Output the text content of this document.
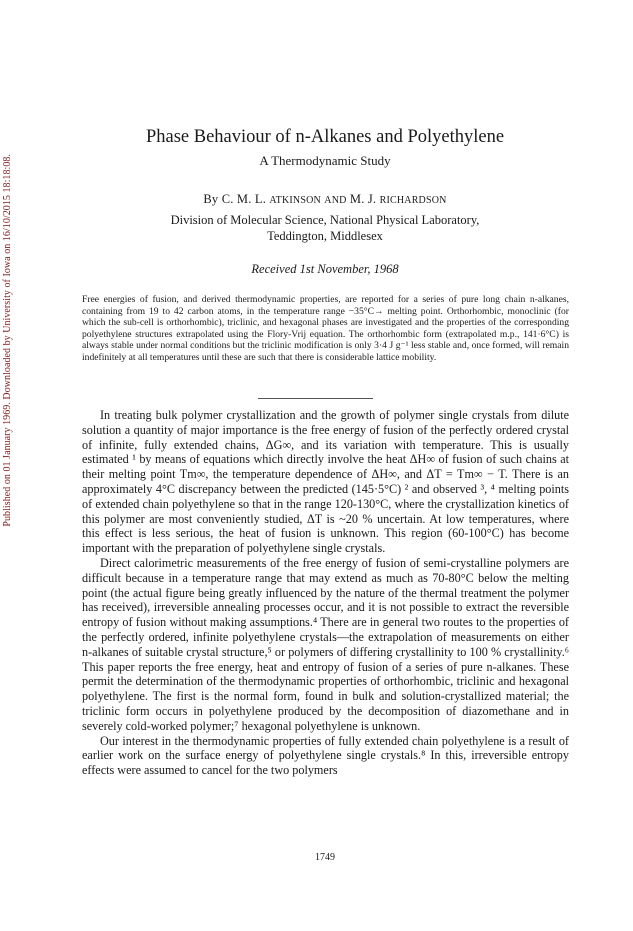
Published on 01 January 1969. Downloaded by University of Iowa on 16/10/2015 18:18:08.
Phase Behaviour of n-Alkanes and Polyethylene
A Thermodynamic Study
By C. M. L. ATKINSON AND M. J. RICHARDSON
Division of Molecular Science, National Physical Laboratory,
Teddington, Middlesex
Received 1st November, 1968
Free energies of fusion, and derived thermodynamic properties, are reported for a series of pure long chain n-alkanes, containing from 19 to 42 carbon atoms, in the temperature range −35°C→ melting point. Orthorhombic, monoclinic (for which the sub-cell is orthorhombic), triclinic, and hexagonal phases are investigated and the properties of the corresponding polyethylene structures extrapolated using the Flory-Vrij equation. The orthorhombic form (extrapolated m.p., 141·6°C) is always stable under normal conditions but the triclinic modification is only 3·4 J g⁻¹ less stable and, once formed, will remain indefinitely at all temperatures until these are such that there is considerable lattice mobility.

In treating bulk polymer crystallization and the growth of polymer single crystals from dilute solution a quantity of major importance is the free energy of fusion of the perfectly ordered crystal of infinite, fully extended chains, ΔG∞, and its variation with temperature. This is usually estimated ¹ by means of equations which directly involve the heat ΔH∞ of fusion of such chains at their melting point Tm∞, the temperature dependence of ΔH∞, and ΔT = Tm∞ − T. There is an approximately 4°C discrepancy between the predicted (145·5°C) ² and observed ³, ⁴ melting points of extended chain polyethylene so that in the range 120-130°C, where the crystallization kinetics of this polymer are most conveniently studied, ΔT is ~20 % uncertain. At low temperatures, where this effect is less serious, the heat of fusion is unknown. This region (60-100°C) has become important with the preparation of polyethylene single crystals.

Direct calorimetric measurements of the free energy of fusion of semi-crystalline polymers are difficult because in a temperature range that may extend as much as 70-80°C below the melting point (the actual figure being greatly influenced by the nature of the thermal treatment the polymer has received), irreversible annealing processes occur, and it is not possible to extract the reversible entropy of fusion without making assumptions.⁴ There are in general two routes to the properties of the perfectly ordered, infinite polyethylene crystals—the extrapolation of measurements on either n-alkanes of suitable crystal structure,⁵ or polymers of differing crystallinity to 100 % crystallinity.⁶ This paper reports the free energy, heat and entropy of fusion of a series of pure n-alkanes. These permit the determination of the thermodynamic properties of orthorhombic, triclinic and hexagonal polyethylene. The first is the normal form, found in bulk and solution-crystallized material; the triclinic form occurs in polyethylene produced by the decomposition of diazomethane and in severely cold-worked polymer;⁷ hexagonal polyethylene is unknown.

Our interest in the thermodynamic properties of fully extended chain polyethylene is a result of earlier work on the surface energy of polyethylene single crystals.⁸ In this, irreversible entropy effects were assumed to cancel for the two polymers

1749
